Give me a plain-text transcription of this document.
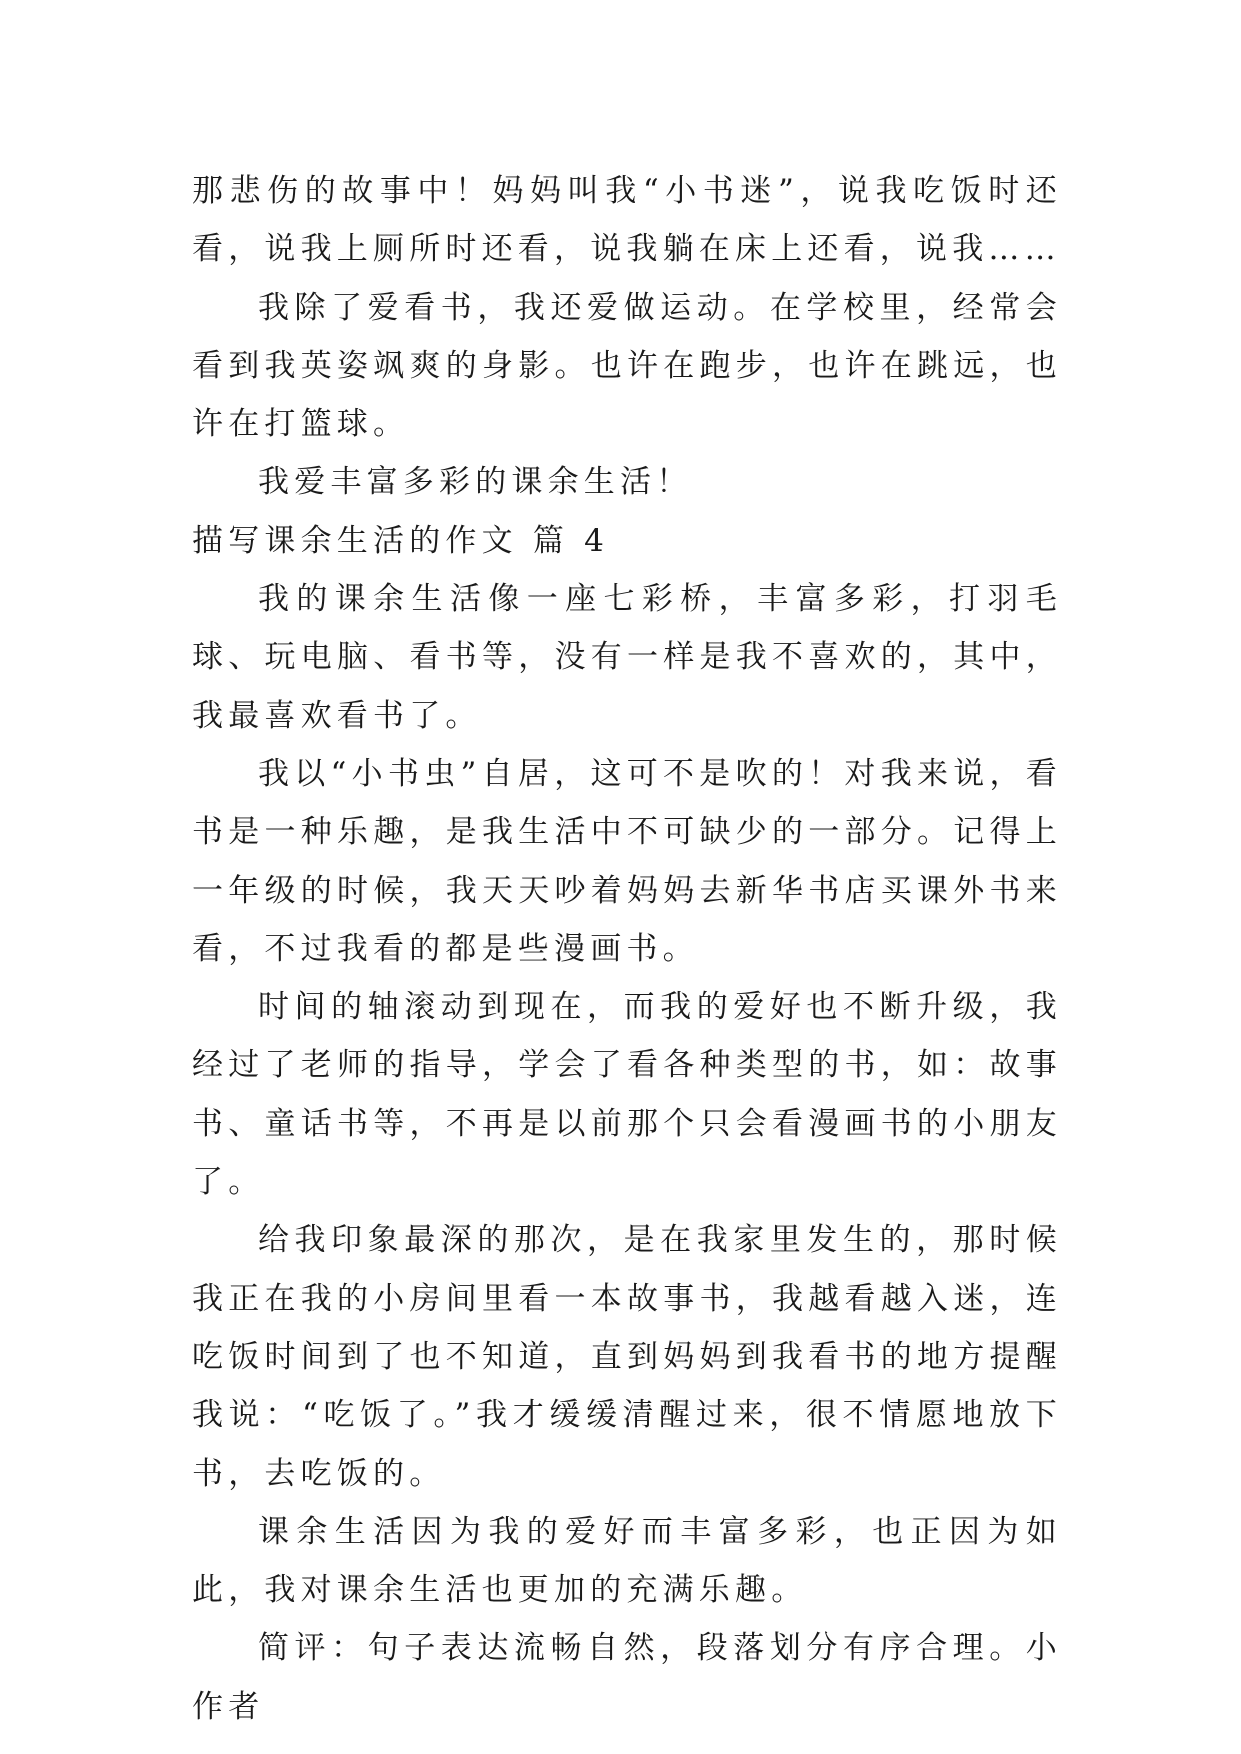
那悲伤的故事中！妈妈叫我“小书迷”，说我吃饭时还看，说我上厕所时还看，说我躺在床上还看，说我……

我除了爱看书，我还爱做运动。在学校里，经常会看到我英姿飒爽的身影。也许在跑步，也许在跳远，也许在打篮球。

我爱丰富多彩的课余生活！

描写课余生活的作文 篇 4

我的课余生活像一座七彩桥，丰富多彩，打羽毛球、玩电脑、看书等，没有一样是我不喜欢的，其中，我最喜欢看书了。

我以“小书虫”自居，这可不是吹的！对我来说，看书是一种乐趣，是我生活中不可缺少的一部分。记得上一年级的时候，我天天吵着妈妈去新华书店买课外书来看，不过我看的都是些漫画书。

时间的轴滚动到现在，而我的爱好也不断升级，我经过了老师的指导，学会了看各种类型的书，如：故事书、童话书等，不再是以前那个只会看漫画书的小朋友了。

给我印象最深的那次，是在我家里发生的，那时候我正在我的小房间里看一本故事书，我越看越入迷，连吃饭时间到了也不知道，直到妈妈到我看书的地方提醒我说：“吃饭了。”我才缓缓清醒过来，很不情愿地放下书，去吃饭的。

课余生活因为我的爱好而丰富多彩，也正因为如此，我对课余生活也更加的充满乐趣。

简评：句子表达流畅自然，段落划分有序合理。小作者
